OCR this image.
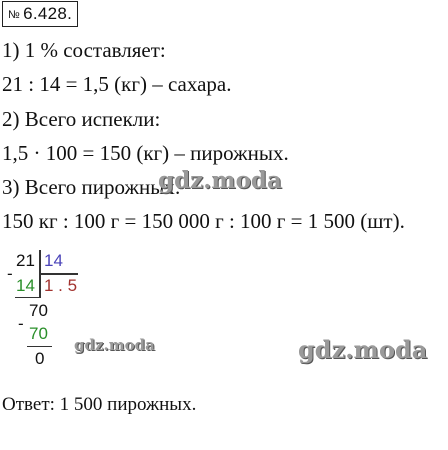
№ 6.428.
1) 1 % составляет:
21 : 14 = 1,5 (кг) – сахара.
2) Всего испекли:
1,5 · 100 = 150 (кг) – пирожных.
3) Всего пирожных:
150 кг : 100 г = 150 000 г : 100 г = 1 500 (шт).
gdz.moda
-
21 14
14 1 . 5
70
-
70
0
gdz.moda	gdz.moda
Ответ: 1 500 пирожных.
